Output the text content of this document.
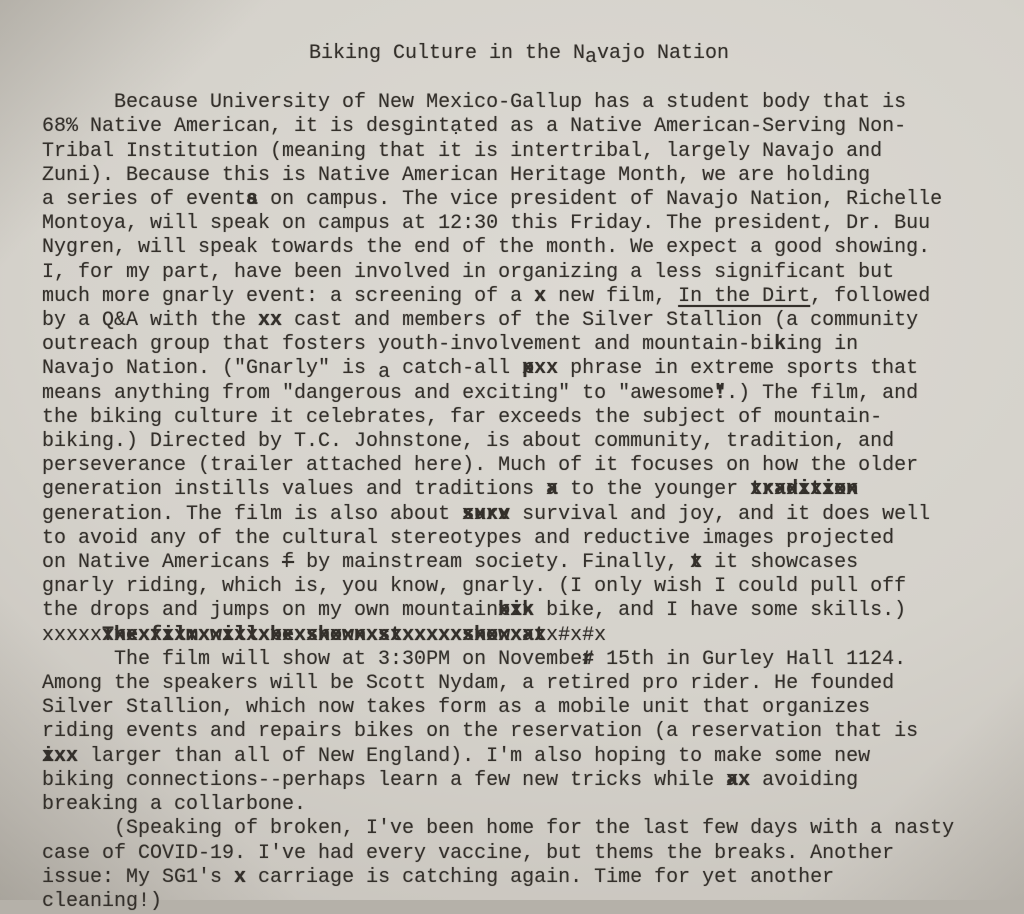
Biking Culture in the Navajo Nation
Because University of New Mexico-Gallup has a student body that is
68% Native American, it is desgintạted as a Native American-Serving Non-
Tribal Institution (meaning that it is intertribal, largely Navajo and
Zuni). Because this is Native American Heritage Month, we are holding
a series of events a on campus. The vice president of Navajo Nation, Richelle
Montoya, will speak on campus at 12:30 this Friday. The president, Dr. Buu
Nygren, will speak towards the end of the month. We expect a good showing.
I, for my part, have been involved in organizing a less significant but
much more gnarly event: a screening of a x x new film, In the Dirt, followed
by a Q&A with the xx xx cast and members of the Silver Stallion (a community
outreach group that fosters youth-involvement and mountain-biking in
Navajo Nation. ("Gnarly" is a catch-all pxx x phrase in extreme sports that
means anything from "dangerous and exciting" to "awesome! ".) The film, and
the biking culture it celebrates, far exceeds the subject of mountain-
biking.) Directed by T.C. Johnstone, is about community, tradition, and
perseverance (trailer attached here). Much of it focuses on how the older
generation instills values and traditions a x to the younger tradition xxxxxxxxx
generation. The film is also about surv xxxx survival and joy, and it does well
to avoid any of the cultural stereotypes and reductive images projected
on Native Americans f by mainstream society. Finally, t x it showcases
gnarly riding, which is, you know, gnarly. (I only wish I could pull off
the drops and jumps on my own mountainbik xxx bike, and I have some skills.)
xxxxxThexfilmxwillxbexshownxstxxxxxshowxat xxxxxxxxxxxxxxxxxxxxxxxxxxxxxxxxxxxxxx#x#x
The film will show at 3:30PM on November # 15th in Gurley Hall 1124.
Among the speakers will be Scott Nydam, a retired pro rider. He founded
Silver Stallion, which now takes form as a mobile unit that organizes
riding events and repairs bikes on the reservation (a reservation that is
ixx xxx larger than all of New England). I'm also hoping to make some new
biking connections--perhaps learn a few new tricks while ax xx avoiding
breaking a collarbone.
(Speaking of broken, I've been home for the last few days with a nasty
case of COVID-19. I've had every vaccine, but thems the breaks. Another
issue: My SG1's x x carriage is catching again. Time for yet another
cleaning!)
